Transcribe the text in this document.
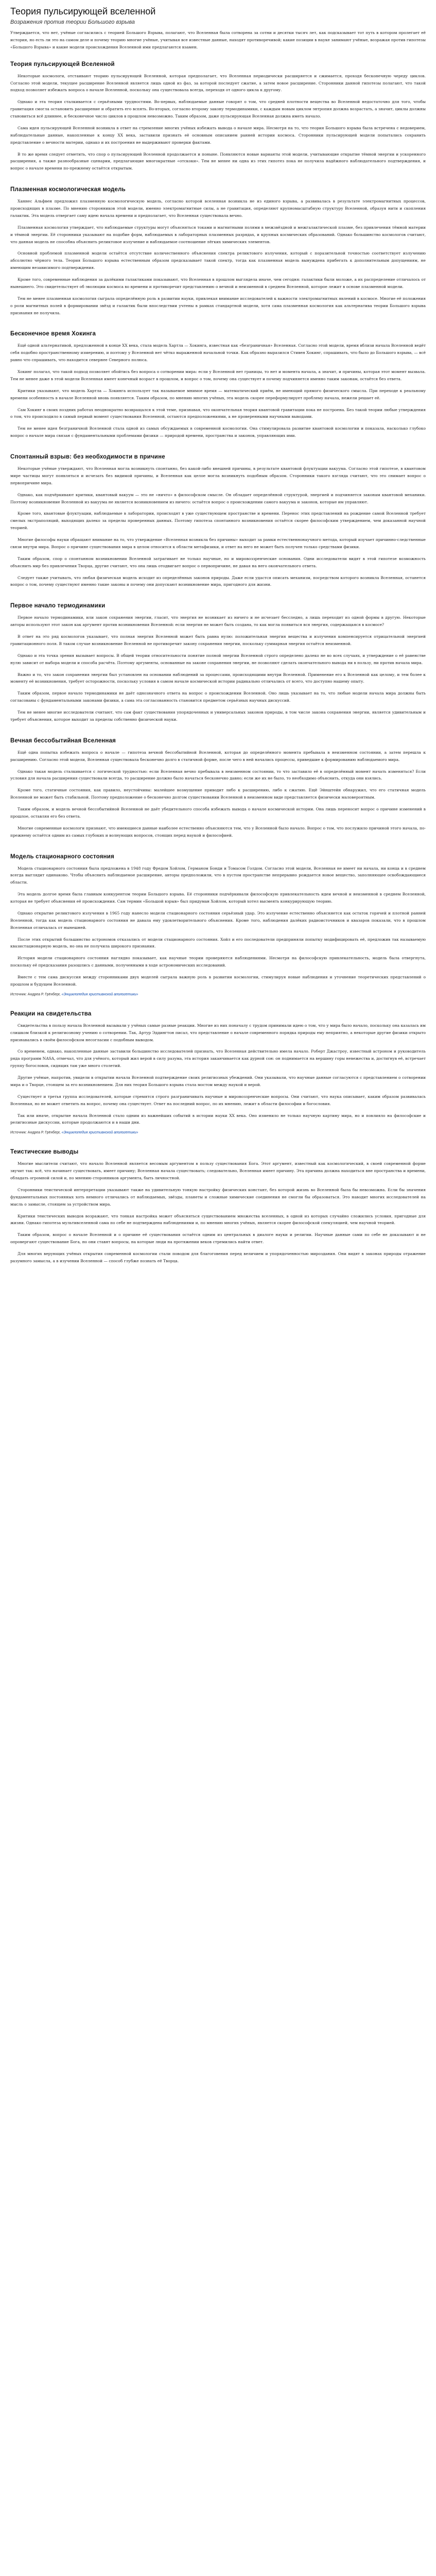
Теория пульсирующей вселенной
Возражения против теории Большого взрыва

Утверждается, что нет, учёные согласились с теорией Большого Взрыва, полагают, что Вселенная была сотворена за сотни и десятки тысяч лет, как подсказывает тот путь в котором пролегает её история, но есть ли это на самом деле и почему теорию многие учёные, учитывая все известные данные, находят противоречивой; какие позиции в науке занимают учёные, возражая против гипотезы «Большого Взрыва» и какие модели происхождения Вселенной ими предлагаются взамен.

Теория пульсирующей Вселенной

Некоторые космологи, отстаивают теорию пульсирующей Вселенной, которая предполагает, что Вселенная периодически расширяется и сжимается, проходя бесконечную череду циклов. Согласно этой модели, текущее расширение Вселенной является лишь одной из фаз, за которой последует сжатие, а затем новое расширение. Сторонники данной гипотезы полагают, что такой подход позволяет избежать вопроса о начале Вселенной, поскольку она существовала всегда, переходя от одного цикла к другому.

Однако и эта теория сталкивается с серьёзными трудностями. Во-первых, наблюдаемые данные говорят о том, что средней плотности вещества во Вселенной недостаточно для того, чтобы гравитация смогла остановить расширение и обратить его вспять. Во-вторых, согласно второму закону термодинамики, с каждым новым циклом энтропия должна возрастать, а значит, циклы должны становиться всё длиннее, и бесконечное число циклов в прошлом невозможно. Таким образом, даже пульсирующая Вселенная должна иметь начало.

Сама идея пульсирующей Вселенной возникла в ответ на стремление многих учёных избежать вывода о начале мира. Несмотря на то, что теория Большого взрыва была встречена с недоверием, наблюдательные данные, накопленные к концу XX века, заставили признать её основным описанием ранней истории космоса. Сторонники пульсирующей модели попытались сохранить представление о вечности материи, однако и их построения не выдерживают проверки фактами.

В то же время следует отметить, что спор о пульсирующей Вселенной продолжается и поныне. Появляются новые варианты этой модели, учитывающие открытие тёмной энергии и ускоренного расширения, а также разнообразные сценарии, предлагающие многократные «отскоки». Тем не менее ни одна из этих гипотез пока не получила надёжного наблюдательного подтверждения, и вопрос о начале времени по-прежнему остаётся открытым.

Плазменная космологическая модель

Ханнес Альфвен предложил плазменную космологическую модель, согласно которой вселенная возникла не из единого взрыва, а развивалась в результате электромагнитных процессов, происходящих в плазме. По мнению сторонников этой модели, именно электромагнитные силы, а не гравитация, определяют крупномасштабную структуру Вселенной, образуя нити и скопления галактик. Эта модель отвергает саму идею начала времени и предполагает, что Вселенная существовала вечно.

Плазменная космология утверждает, что наблюдаемые структуры могут объясняться токами и магнитными полями в межзвёздной и межгалактической плазме, без привлечения тёмной материи и тёмной энергии. Её сторонники указывают на подобие форм, наблюдаемых в лабораторных плазменных разрядах, и крупных космических образований. Однако большинство космологов считают, что данная модель не способна объяснить реликтовое излучение и наблюдаемое соотношение лёгких химических элементов.

Основной проблемой плазменной модели остаётся отсутствие количественного объяснения спектра реликтового излучения, который с поразительной точностью соответствует излучению абсолютно чёрного тела. Теория Большого взрыва естественным образом предсказывает такой спектр, тогда как плазменная модель вынуждена прибегать к дополнительным допущениям, не имеющим независимого подтверждения.

Кроме того, современные наблюдения за далёкими галактиками показывают, что Вселенная в прошлом выглядела иначе, чем сегодня: галактики были моложе, а их распределение отличалось от нынешнего. Это свидетельствует об эволюции космоса во времени и противоречит представлению о вечной и неизменной в среднем Вселенной, которое лежит в основе плазменной модели.

Тем не менее плазменная космология сыграла определённую роль в развитии науки, привлекая внимание исследователей к важности электромагнитных явлений в космосе. Многие её положения о роли магнитных полей в формировании звёзд и галактик были впоследствии учтены в рамках стандартной модели, хотя сама плазменная космология как альтернатива теории Большого взрыва признания не получила.

Бесконечное время Хокинга

Ещё одной альтернативой, предложенной в конце XX века, стала модель Хартла — Хокинга, известная как «безграничная» Вселенная. Согласно этой модели, время вблизи начала Вселенной ведёт себя подобно пространственному измерению, и поэтому у Вселенной нет чётко выраженной начальной точки. Как образно выразился Стивен Хокинг, спрашивать, что было до Большого взрыва, — всё равно что спрашивать, что находится севернее Северного полюса.

Хокинг полагал, что такой подход позволяет обойтись без вопроса о сотворении мира: если у Вселенной нет границы, то нет и момента начала, а значит, и причины, которая этот момент вызвала. Тем не менее даже в этой модели Вселенная имеет конечный возраст в прошлом, и вопрос о том, почему она существует и почему подчиняется именно таким законам, остаётся без ответа.

Критики указывают, что модель Хартла — Хокинга использует так называемое мнимое время — математический приём, не имеющий прямого физического смысла. При переходе к реальному времени особенность в начале Вселенной вновь появляется. Таким образом, по мнению многих учёных, эта модель скорее переформулирует проблему начала, нежели решает её.

Сам Хокинг в своих поздних работах неоднократно возвращался к этой теме, признавая, что окончательная теория квантовой гравитации пока не построена. Без такой теории любые утверждения о том, что происходило в самый первый момент существования Вселенной, остаются предположениями, а не проверенными научными выводами.

Тем не менее идея безграничной Вселенной стала одной из самых обсуждаемых в современной космологии. Она стимулировала развитие квантовой космологии и показала, насколько глубоко вопрос о начале мира связан с фундаментальными проблемами физики — природой времени, пространства и законов, управляющих ими.

Спонтанный взрыв: без необходимости в причине

Некоторые учёные утверждают, что Вселенная могла возникнуть спонтанно, без какой-либо внешней причины, в результате квантовой флуктуации вакуума. Согласно этой гипотезе, в квантовом мире частицы могут появляться и исчезать без видимой причины, и Вселенная как целое могла возникнуть подобным образом. Сторонники такого взгляда считают, что это снимает вопрос о первопричине мира.

Однако, как подчёркивают критики, квантовый вакуум — это не «ничто» в философском смысле. Он обладает определённой структурой, энергией и подчиняется законам квантовой механики. Поэтому возникновение Вселенной из вакуума не является возникновением из ничего: остаётся вопрос о происхождении самого вакуума и законов, которые им управляют.

Кроме того, квантовые флуктуации, наблюдаемые в лаборатории, происходят в уже существующем пространстве и времени. Перенос этих представлений на рождение самой Вселенной требует смелых экстраполяций, выходящих далеко за пределы проверенных данных. Поэтому гипотеза спонтанного возникновения остаётся скорее философским утверждением, чем доказанной научной теорией.

Многие философы науки обращают внимание на то, что утверждение «Вселенная возникла без причины» выходит за рамки естественнонаучного метода, который изучает причинно-следственные связи внутри мира. Вопрос о причине существования мира в целом относится к области метафизики, и ответ на него не может быть получен только средствами физики.

Таким образом, спор о спонтанном возникновении Вселенной затрагивает не только научные, но и мировоззренческие основания. Одни исследователи видят в этой гипотезе возможность объяснить мир без привлечения Творца, другие считают, что она лишь отодвигает вопрос о первопричине, не давая на него окончательного ответа.

Следует также учитывать, что любая физическая модель исходит из определённых законов природы. Даже если удастся описать механизм, посредством которого возникла Вселенная, останется вопрос о том, почему существуют именно такие законы и почему они допускают возникновение мира, пригодного для жизни.

Первое начало термодинамики

Первое начало термодинамики, или закон сохранения энергии, гласит, что энергия не возникает из ничего и не исчезает бесследно, а лишь переходит из одной формы в другую. Некоторые авторы используют этот закон как аргумент против возникновения Вселенной: если энергия не может быть создана, то как могла появиться вся энергия, содержащаяся в космосе?

В ответ на это ряд космологов указывает, что полная энергия Вселенной может быть равна нулю: положительная энергия вещества и излучения компенсируется отрицательной энергией гравитационного поля. В таком случае возникновение Вселенной не противоречит закону сохранения энергии, поскольку суммарная энергия остаётся неизменной.

Однако и эта точка зрения вызывает вопросы. В общей теории относительности понятие полной энергии Вселенной строго определено далеко не во всех случаях, и утверждение о её равенстве нулю зависит от выбора модели и способа расчёта. Поэтому аргументы, основанные на законе сохранения энергии, не позволяют сделать окончательного вывода ни в пользу, ни против начала мира.

Важно и то, что закон сохранения энергии был установлен на основании наблюдений за процессами, происходящими внутри Вселенной. Применение его к Вселенной как целому, и тем более к моменту её возникновения, требует осторожности, поскольку условия в самом начале космической истории радикально отличались от всего, что доступно нашему опыту.

Таким образом, первое начало термодинамики не даёт однозначного ответа на вопрос о происхождении Вселенной. Оно лишь указывает на то, что любые модели начала мира должны быть согласованы с фундаментальными законами физики, а сама эта согласованность становится предметом серьёзных научных дискуссий.

Тем не менее многие исследователи считают, что сам факт существования упорядоченных и универсальных законов природы, в том числе закона сохранения энергии, является удивительным и требует объяснения, которое выходит за пределы собственно физической науки.

Вечная бессобытийная Вселенная

Ещё одна попытка избежать вопроса о начале — гипотеза вечной бессобытийной Вселенной, которая до определённого момента пребывала в неизменном состоянии, а затем перешла к расширению. Согласно этой модели, Вселенная существовала бесконечно долго в статичной форме, после чего в ней начались процессы, приведшие к формированию наблюдаемого мира.

Однако такая модель сталкивается с логической трудностью: если Вселенная вечно пребывала в неизменном состоянии, то что заставило её в определённый момент начать изменяться? Если условия для начала расширения существовали всегда, то расширение должно было начаться бесконечно давно; если же их не было, то необходимо объяснить, откуда они взялись.

Кроме того, статичные состояния, как правило, неустойчивы: малейшее возмущение приводит либо к расширению, либо к сжатию. Ещё Эйнштейн обнаружил, что его статичная модель Вселенной не может быть стабильной. Поэтому предположение о бесконечно долгом существовании Вселенной в неизменном виде представляется физически маловероятным.

Таким образом, и модель вечной бессобытийной Вселенной не даёт убедительного способа избежать вывода о начале космической истории. Она лишь переносит вопрос о причине изменений в прошлое, оставляя его без ответа.

Многие современные космологи признают, что имеющиеся данные наиболее естественно объясняются тем, что у Вселенной было начало. Вопрос о том, что послужило причиной этого начала, по-прежнему остаётся одним из самых глубоких и волнующих вопросов, стоящих перед наукой и философией.

Модель стационарного состояния

Модель стационарного состояния была предложена в 1948 году Фредом Хойлом, Германом Бонди и Томасом Голдом. Согласно этой модели, Вселенная не имеет ни начала, ни конца и в среднем всегда выглядит одинаково. Чтобы объяснить наблюдаемое расширение, авторы предположили, что в пустом пространстве непрерывно рождается новое вещество, заполняющее освобождающиеся области.

Эта модель долгое время была главным конкурентом теории Большого взрыва. Её сторонники подчёркивали философскую привлекательность идеи вечной и неизменной в среднем Вселенной, которая не требует объяснения её происхождения. Сам термин «Большой взрыв» был придуман Хойлом, который хотел высмеять конкурирующую теорию.

Однако открытие реликтового излучения в 1965 году нанесло модели стационарного состояния серьёзный удар. Это излучение естественно объясняется как остаток горячей и плотной ранней Вселенной, тогда как модель стационарного состояния не давала ему удовлетворительного объяснения. Кроме того, наблюдения далёких радиоисточников и квазаров показали, что в прошлом Вселенная отличалась от нынешней.

После этих открытий большинство астрономов отказались от модели стационарного состояния. Хойл и его последователи предприняли попытку модифицировать её, предложив так называемую квазистационарную модель, но она не получила широкого признания.

История модели стационарного состояния наглядно показывает, как научные теории проверяются наблюдениями. Несмотря на философскую привлекательность, модель была отвергнута, поскольку её предсказания разошлись с данными, полученными в ходе астрономических исследований.

Вместе с тем сама дискуссия между сторонниками двух моделей сыграла важную роль в развитии космологии, стимулируя новые наблюдения и уточнение теоретических представлений о прошлом и будущем Вселенной.

Источник: Андреа Р. Грёнберг, «Энциклопедия христианской апологетики»
Реакции на свидетельства

Свидетельства в пользу начала Вселенной вызывали у учёных самые разные реакции. Многие из них поначалу с трудом принимали идею о том, что у мира было начало, поскольку она казалась им слишком близкой к религиозному учению о сотворении. Так, Артур Эддингтон писал, что представление о начале современного порядка природы ему неприятно, а некоторые другие физики открыто признавались в своём философском несогласии с подобным выводом.

Со временем, однако, накопленные данные заставили большинство исследователей признать, что Вселенная действительно имела начало. Роберт Джастроу, известный астроном и руководитель ряда программ NASA, отмечал, что для учёного, который жил верой в силу разума, эта история заканчивается как дурной сон: он поднимается на вершину горы невежества и, достигнув её, встречает группу богословов, сидящих там уже много столетий.

Другие учёные, напротив, увидели в открытии начала Вселенной подтверждение своих религиозных убеждений. Они указывали, что научные данные согласуются с представлением о сотворении мира и о Творце, стоящем за его возникновением. Для них теория Большого взрыва стала мостом между наукой и верой.

Существует и третья группа исследователей, которые стремятся строго разграничивать научные и мировоззренческие вопросы. Они считают, что наука описывает, каким образом развивалась Вселенная, но не может ответить на вопрос, почему она существует. Ответ на последний вопрос, по их мнению, лежит в области философии и богословия.

Так или иначе, открытие начала Вселенной стало одним из важнейших событий в истории науки XX века. Оно изменило не только научную картину мира, но и повлияло на философские и религиозные дискуссии, которые продолжаются и в наши дни.

Источник: Андреа Р. Грёнберг, «Энциклопедия христианской апологетики»
Теистические выводы

Многие мыслители считают, что начало Вселенной является весомым аргументом в пользу существования Бога. Этот аргумент, известный как космологический, в своей современной форме звучит так: всё, что начинает существовать, имеет причину; Вселенная начала существовать; следовательно, Вселенная имеет причину. Эта причина должна находиться вне пространства и времени, обладать огромной силой и, по мнению сторонников аргумента, быть личностной.

Сторонники теистической интерпретации указывают также на удивительную тонкую настройку физических констант, без которой жизнь во Вселенной была бы невозможна. Если бы значения фундаментальных постоянных хоть немного отличались от наблюдаемых, звёзды, планеты и сложные химические соединения не смогли бы образоваться. Это наводит многих исследователей на мысль о замысле, стоящем за устройством мира.

Критики теистических выводов возражают, что тонкая настройка может объясняться существованием множества вселенных, в одной из которых случайно сложились условия, пригодные для жизни. Однако гипотеза мультивселенной сама по себе не подтверждена наблюдениями и, по мнению многих учёных, является скорее философской спекуляцией, чем научной теорией.

Таким образом, вопрос о начале Вселенной и о причине её существования остаётся одним из центральных в диалоге науки и религии. Научные данные сами по себе не доказывают и не опровергают существование Бога, но они ставят вопросы, на которые люди на протяжении веков стремились найти ответ.

Для многих верующих учёных открытия современной космологии стали поводом для благоговения перед величием и упорядоченностью мироздания. Они видят в законах природы отражение разумного замысла, а в изучении Вселенной — способ глубже познать её Творца.
